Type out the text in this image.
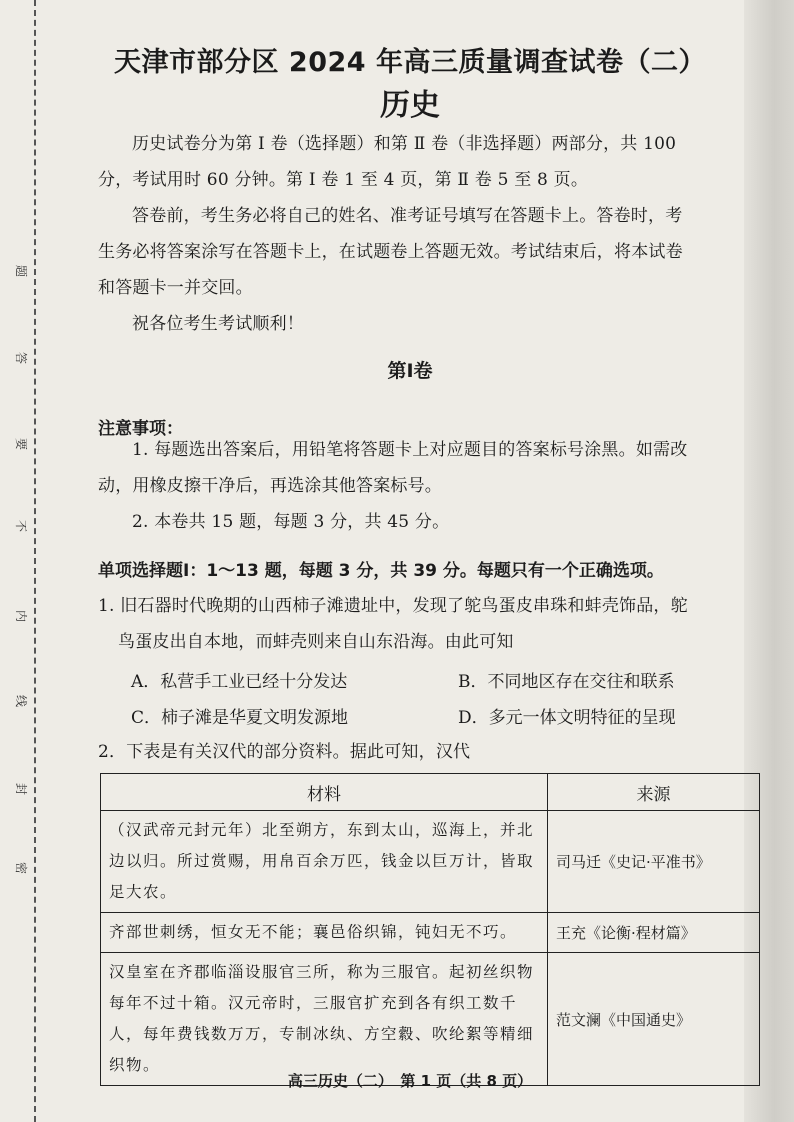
题
答
要
不
内
线
封
密
天津市部分区 2024 年高三质量调查试卷（二）
历史
历史试卷分为第 Ⅰ 卷（选择题）和第 Ⅱ 卷（非选择题）两部分，共 100
分，考试用时 60 分钟。第 Ⅰ 卷 1 至 4 页，第 Ⅱ 卷 5 至 8 页。
答卷前，考生务必将自己的姓名、准考证号填写在答题卡上。答卷时，考
生务必将答案涂写在答题卡上，在试题卷上答题无效。考试结束后，将本试卷
和答题卡一并交回。
祝各位考生考试顺利！
第Ⅰ卷
注意事项：
1. 每题选出答案后，用铅笔将答题卡上对应题目的答案标号涂黑。如需改
动，用橡皮擦干净后，再选涂其他答案标号。
2. 本卷共 15 题，每题 3 分，共 45 分。
单项选择题Ⅰ：1～13 题，每题 3 分，共 39 分。每题只有一个正确选项。
1. 旧石器时代晚期的山西柿子滩遗址中，发现了鸵鸟蛋皮串珠和蚌壳饰品，鸵
鸟蛋皮出自本地，而蚌壳则来自山东沿海。由此可知
A．私营手工业已经十分发达	B．不同地区存在交往和联系
C．柿子滩是华夏文明发源地	D．多元一体文明特征的呈现
2．下表是有关汉代的部分资料。据此可知，汉代
材料	来源
（汉武帝元封元年）北至朔方，东到太山，巡海上，并北边以归。所过赏赐，用帛百余万匹，钱金以巨万计，皆取足大农。	司马迁《史记·平准书》
齐部世刺绣，恒女无不能；襄邑俗织锦，钝妇无不巧。	王充《论衡·程材篇》
汉皇室在齐郡临淄设服官三所，称为三服官。起初丝织物每年不过十箱。汉元帝时，三服官扩充到各有织工数千人，每年费钱数万万，专制冰纨、方空縠、吹纶絮等精细织物。	范文澜《中国通史》
高三历史（二）　第 1 页（共 8 页）
